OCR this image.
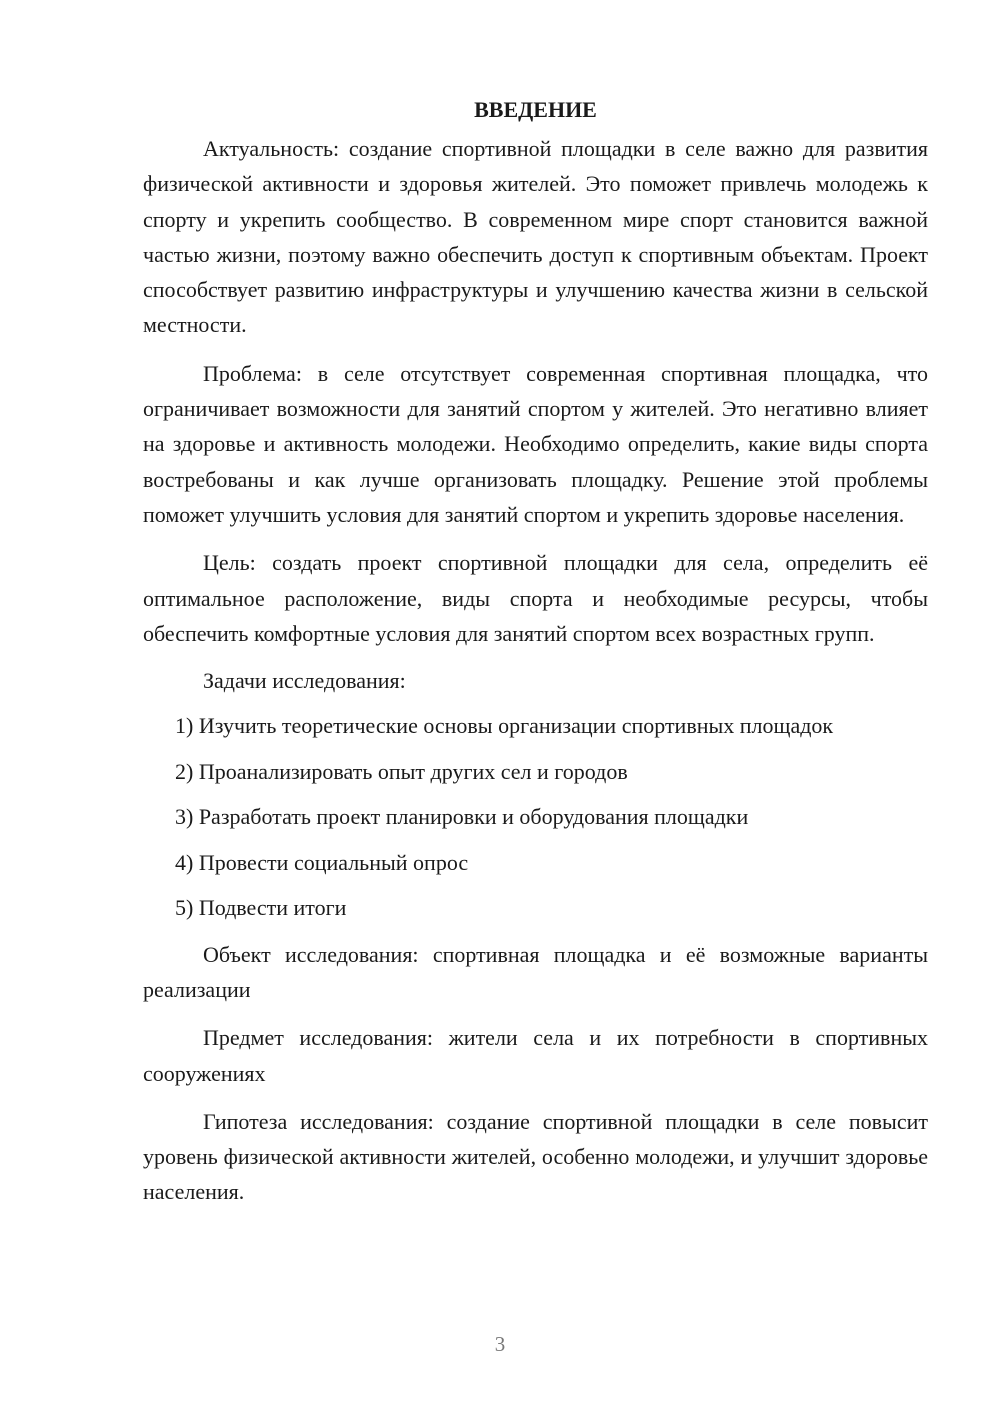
ВВЕДЕНИЕ

Актуальность: создание спортивной площадки в селе важно для развития физической активности и здоровья жителей. Это поможет привлечь молодежь к спорту и укрепить сообщество. В современном мире спорт становится важной частью жизни, поэтому важно обеспечить доступ к спортивным объектам. Проект способствует развитию инфраструктуры и улучшению качества жизни в сельской местности.

Проблема: в селе отсутствует современная спортивная площадка, что ограничивает возможности для занятий спортом у жителей. Это негативно влияет на здоровье и активность молодежи. Необходимо определить, какие виды спорта востребованы и как лучше организовать площадку. Решение этой проблемы поможет улучшить условия для занятий спортом и укрепить здоровье населения.

Цель: создать проект спортивной площадки для села, определить её оптимальное расположение, виды спорта и необходимые ресурсы, чтобы обеспечить комфортные условия для занятий спортом всех возрастных групп.

Задачи исследования:

1) Изучить теоретические основы организации спортивных площадок
2) Проанализировать опыт других сел и городов
3) Разработать проект планировки и оборудования площадки
4) Провести социальный опрос
5) Подвести итоги

Объект исследования: спортивная площадка и её возможные варианты реализации

Предмет исследования: жители села и их потребности в спортивных сооружениях

Гипотеза исследования: создание спортивной площадки в селе повысит уровень физической активности жителей, особенно молодежи, и улучшит здоровье населения.

3
